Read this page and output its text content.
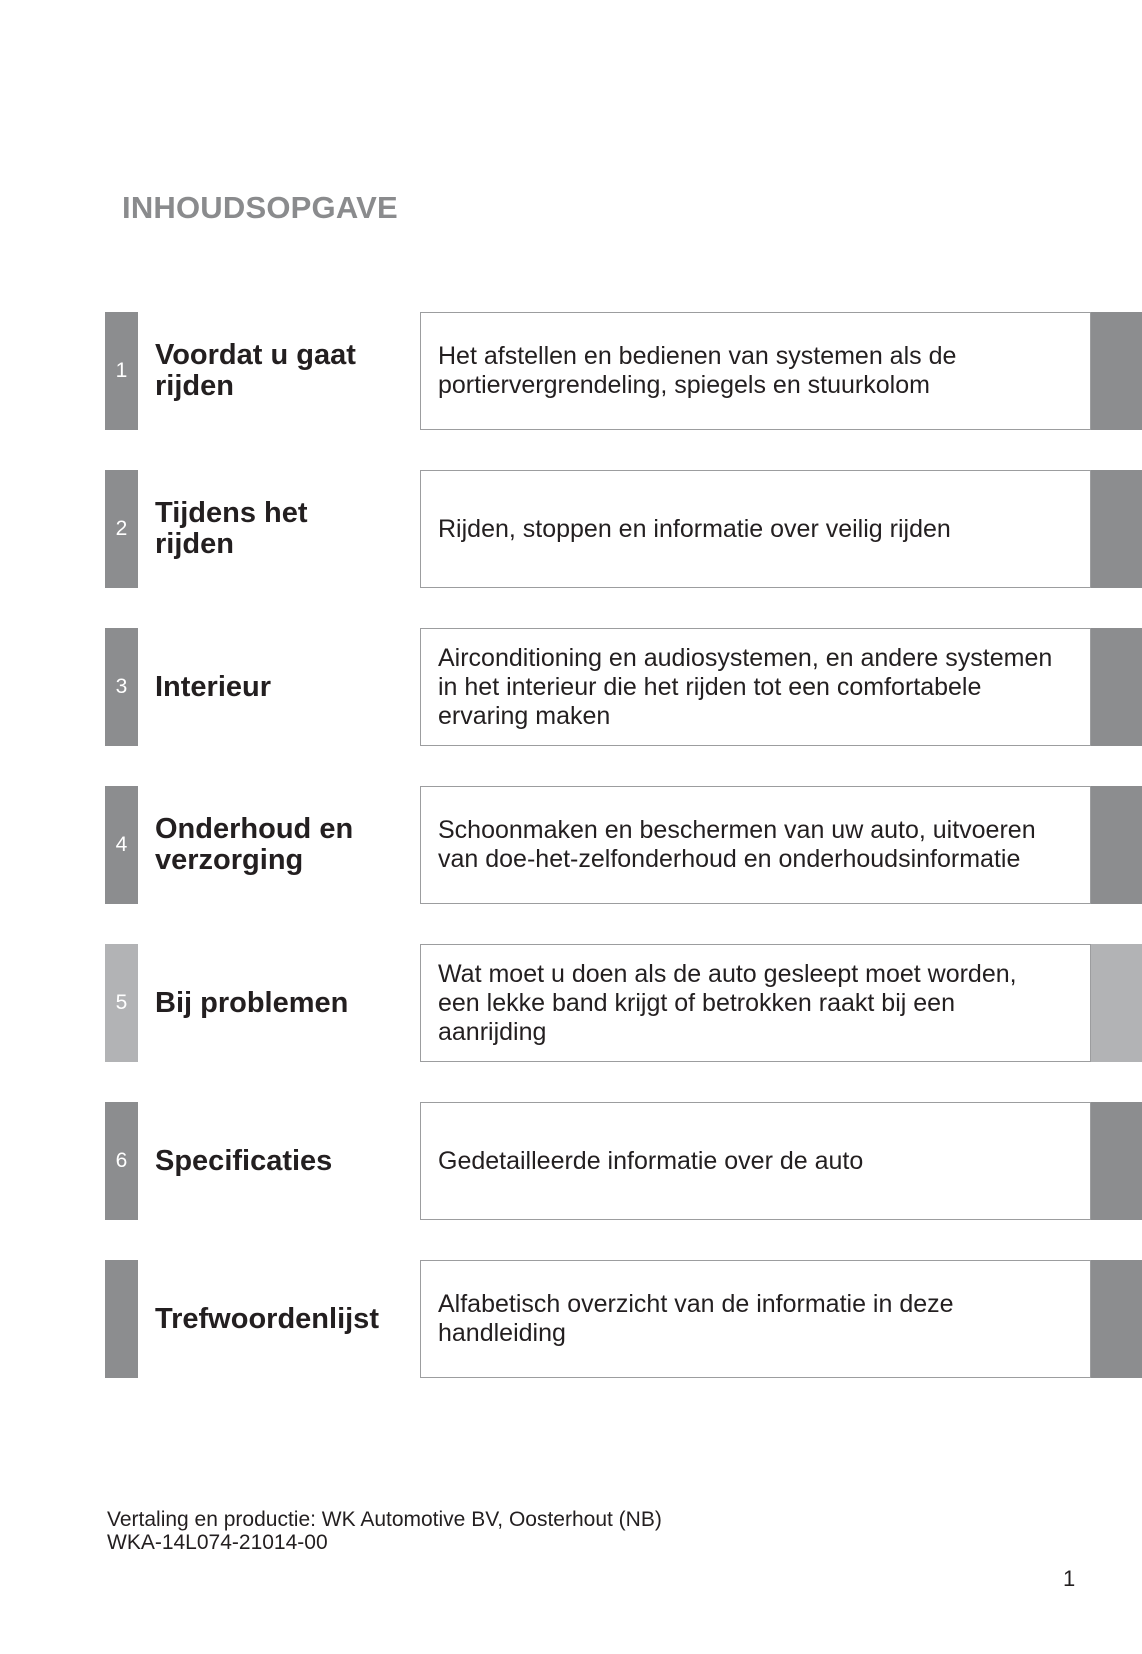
INHOUDSOPGAVE
1 Voordat u gaat rijden
Het afstellen en bedienen van systemen als de portiervergrendeling, spiegels en stuurkolom
2 Tijdens het rijden	Rijden, stoppen en informatie over veilig rijden
3 Interieur
Airconditioning en audiosystemen, en andere systemen in het interieur die het rijden tot een comfortabele ervaring maken
4 Onderhoud en verzorging
Schoonmaken en beschermen van uw auto, uitvoeren van doe-het-zelfonderhoud en onderhoudsinformatie
5 Bij problemen
Wat moet u doen als de auto gesleept moet worden, een lekke band krijgt of betrokken raakt bij een aanrijding
6 Specificaties	Gedetailleerde informatie over de auto
Trefwoordenlijst Alfabetisch overzicht van de informatie in deze handleiding
Vertaling en productie: WK Automotive BV, Oosterhout (NB)
WKA-14L074-21014-00
1
